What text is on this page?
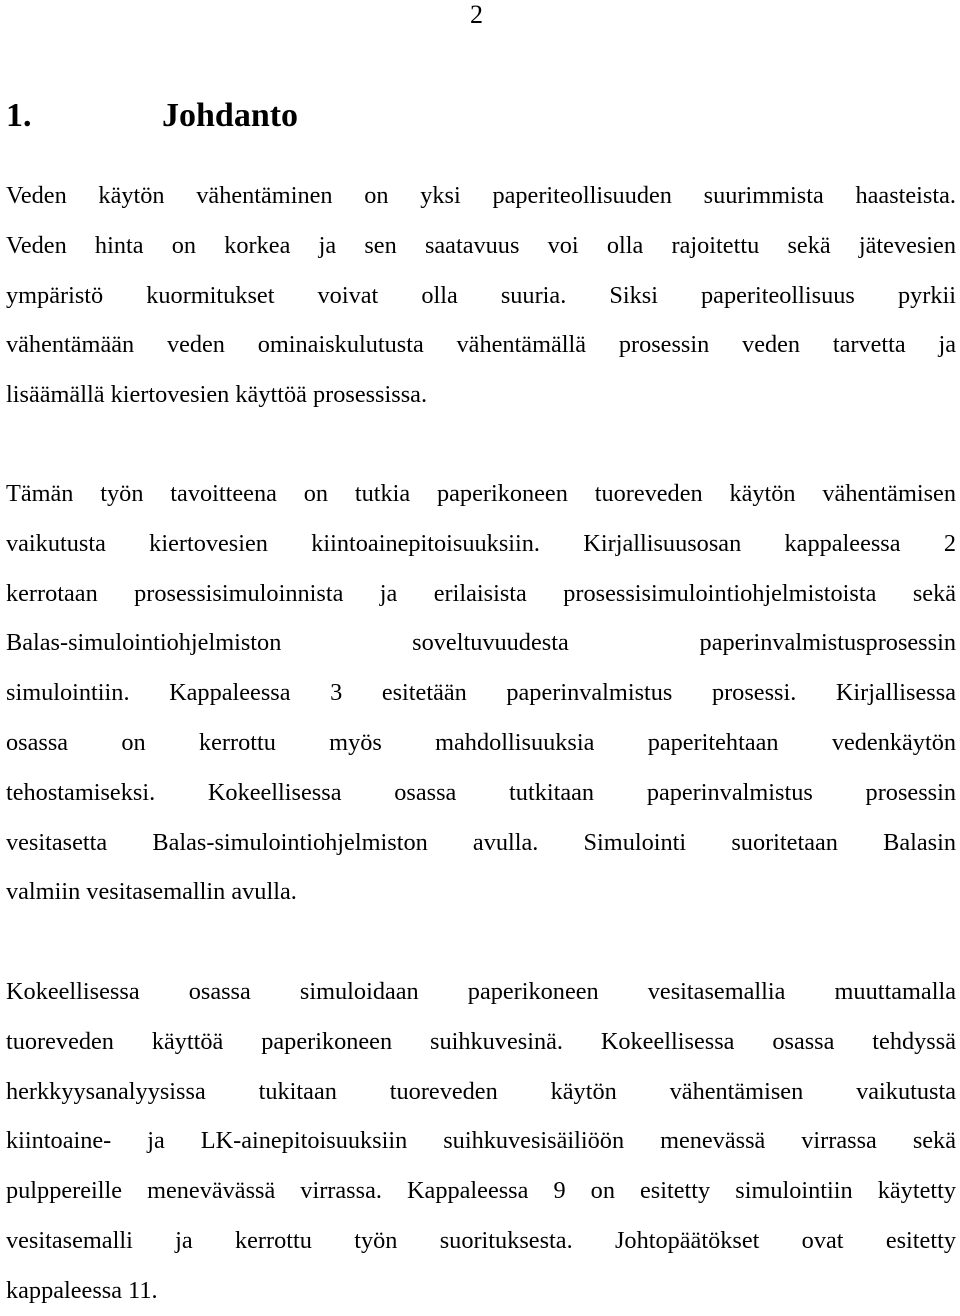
2
1.	Johdanto

Veden käytön vähentäminen on yksi paperiteollisuuden suurimmista haasteista.
Veden hinta on korkea ja sen saatavuus voi olla rajoitettu sekä jätevesien
ympäristö kuormitukset voivat olla suuria. Siksi paperiteollisuus pyrkii
vähentämään veden ominaiskulutusta vähentämällä prosessin veden tarvetta ja
lisäämällä kiertovesien käyttöä prosessissa.

Tämän työn tavoitteena on tutkia paperikoneen tuoreveden käytön vähentämisen
vaikutusta kiertovesien kiintoainepitoisuuksiin. Kirjallisuusosan kappaleessa 2
kerrotaan prosessisimuloinnista ja erilaisista prosessisimulointiohjelmistoista sekä
Balas-simulointiohjelmiston soveltuvuudesta paperinvalmistusprosessin
simulointiin. Kappaleessa 3 esitetään paperinvalmistus prosessi. Kirjallisessa
osassa on kerrottu myös mahdollisuuksia paperitehtaan vedenkäytön
tehostamiseksi. Kokeellisessa osassa tutkitaan paperinvalmistus prosessin
vesitasetta Balas-simulointiohjelmiston avulla. Simulointi suoritetaan Balasin
valmiin vesitasemallin avulla.

Kokeellisessa osassa simuloidaan paperikoneen vesitasemallia muuttamalla
tuoreveden käyttöä paperikoneen suihkuvesinä. Kokeellisessa osassa tehdyssä
herkkyysanalyysissa tukitaan tuoreveden käytön vähentämisen vaikutusta
kiintoaine- ja LK-ainepitoisuuksiin suihkuvesisäiliöön menevässä virrassa sekä
pulppereille menevävässä virrassa. Kappaleessa 9 on esitetty simulointiin käytetty
vesitasemalli ja kerrottu työn suorituksesta. Johtopäätökset ovat esitetty
kappaleessa 11.
